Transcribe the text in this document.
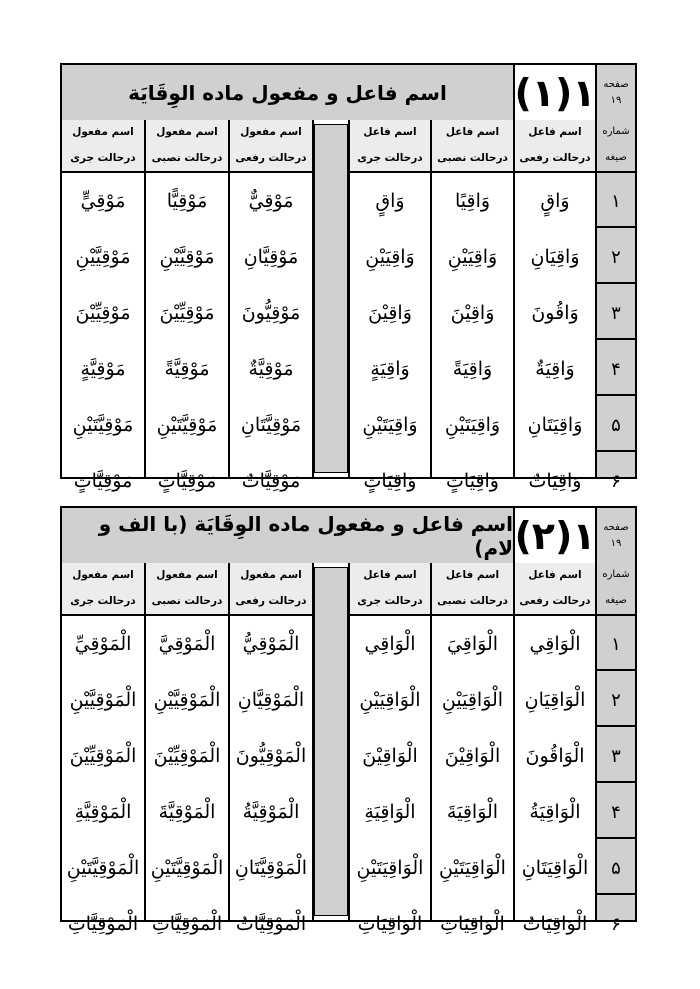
اسم فاعل و مفعول ماده الوِقَايَة	(۱)۱ صفحه
۱۹
اسم مفعول
درحالت جری
مَوْقِيٍّ
مَوْقِيَّيْنِ
مَوْقِيِّيْنَ
مَوْقِيَّةٍ
مَوْقِيَّتَيْنِ
مَوْقِيَّاتٍ
اسم مفعول
درحالت نصبی
مَوْقِيًّا
مَوْقِيَّيْنِ
مَوْقِيِّيْنَ
مَوْقِيَّةً
مَوْقِيَّتَيْنِ
مَوْقِيَّاتٍ
اسم مفعول
درحالت رفعی
مَوْقِيٌّ
مَوْقِيَّانِ
مَوْقِيُّونَ
مَوْقِيَّةٌ
مَوْقِيَّتَانِ
مَوْقِيَّاتٌ
اسم فاعل
درحالت جری
وَاقٍ
وَاقِيَيْنِ
وَاقِيْنَ
وَاقِيَةٍ
وَاقِيَتَيْنِ
وَاقِيَاتٍ
اسم فاعل
درحالت نصبی
وَاقِيًا
وَاقِيَيْنِ
وَاقِيْنَ
وَاقِيَةً
وَاقِيَتَيْنِ
وَاقِيَاتٍ
اسم فاعل
درحالت رفعی
وَاقٍ
وَاقِيَانِ
وَاقُونَ
وَاقِيَةٌ
وَاقِيَتَانِ
وَاقِيَاتٌ
شماره
صیغه
۱
۲
۳
۴
۵
۶
اسم فاعل و مفعول ماده الوِقَايَة (با الف و لام) (۲)۱ صفحه
۱۹
اسم مفعول
درحالت جری
الْمَوْقِيِّ
الْمَوْقِيَّيْنِ
الْمَوْقِيِّيْنَ
الْمَوْقِيَّةِ
الْمَوْقِيَّتَيْنِ
الْمَوْقِيَّاتِ
اسم مفعول
درحالت نصبی
الْمَوْقِيَّ
الْمَوْقِيَّيْنِ
الْمَوْقِيِّيْنَ
الْمَوْقِيَّةَ
الْمَوْقِيَّتَيْنِ
الْمَوْقِيَّاتِ
اسم مفعول
درحالت رفعی
الْمَوْقِيُّ
الْمَوْقِيَّانِ
الْمَوْقِيُّونَ
الْمَوْقِيَّةُ
الْمَوْقِيَّتَانِ
الْمَوْقِيَّاتُ
اسم فاعل
درحالت جری
الْوَاقِي
الْوَاقِيَيْنِ
الْوَاقِيْنَ
الْوَاقِيَةِ
الْوَاقِيَتَيْنِ
الْوَاقِيَاتِ
اسم فاعل
درحالت نصبی
الْوَاقِيَ
الْوَاقِيَيْنِ
الْوَاقِيْنَ
الْوَاقِيَةَ
الْوَاقِيَتَيْنِ
الْوَاقِيَاتِ
اسم فاعل
درحالت رفعی
الْوَاقِي
الْوَاقِيَانِ
الْوَاقُونَ
الْوَاقِيَةُ
الْوَاقِيَتَانِ
الْوَاقِيَاتُ
شماره
صیغه
۱
۲
۳
۴
۵
۶
